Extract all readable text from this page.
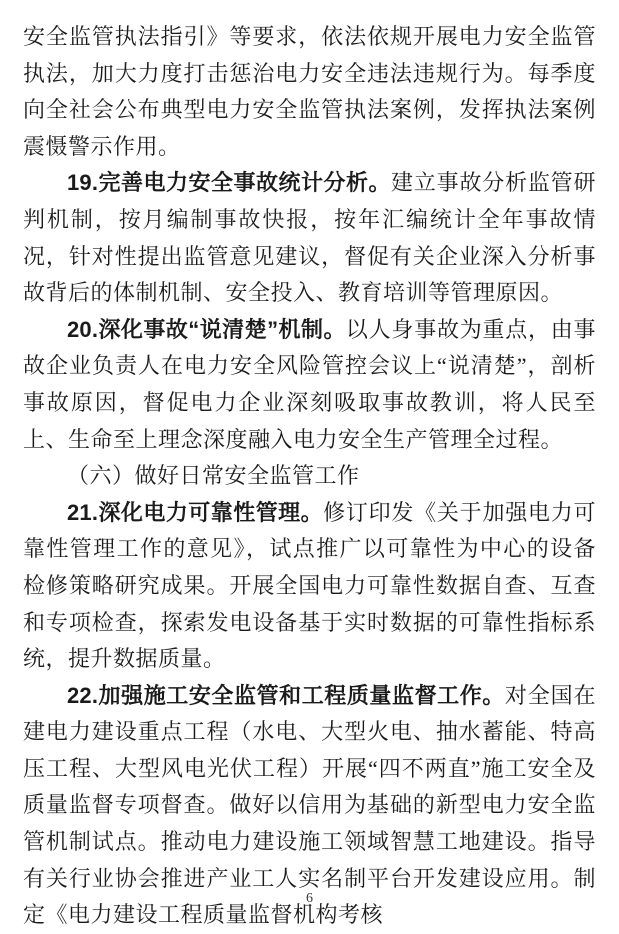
安全监管执法指引》等要求，依法依规开展电力安全监管执法，加大力度打击惩治电力安全违法违规行为。每季度向全社会公布典型电力安全监管执法案例，发挥执法案例震慑警示作用。

19.完善电力安全事故统计分析。建立事故分析监管研判机制，按月编制事故快报，按年汇编统计全年事故情况，针对性提出监管意见建议，督促有关企业深入分析事故背后的体制机制、安全投入、教育培训等管理原因。

20.深化事故“说清楚”机制。以人身事故为重点，由事故企业负责人在电力安全风险管控会议上“说清楚”，剖析事故原因，督促电力企业深刻吸取事故教训，将人民至上、生命至上理念深度融入电力安全生产管理全过程。

（六）做好日常安全监管工作

21.深化电力可靠性管理。修订印发《关于加强电力可靠性管理工作的意见》，试点推广以可靠性为中心的设备检修策略研究成果。开展全国电力可靠性数据自查、互查和专项检查，探索发电设备基于实时数据的可靠性指标系统，提升数据质量。

22.加强施工安全监管和工程质量监督工作。对全国在建电力建设重点工程（水电、大型火电、抽水蓄能、特高压工程、大型风电光伏工程）开展“四不两直”施工安全及质量监督专项督查。做好以信用为基础的新型电力安全监管机制试点。推动电力建设施工领域智慧工地建设。指导有关行业协会推进产业工人实名制平台开发建设应用。制定《电力建设工程质量监督机构考核

6
